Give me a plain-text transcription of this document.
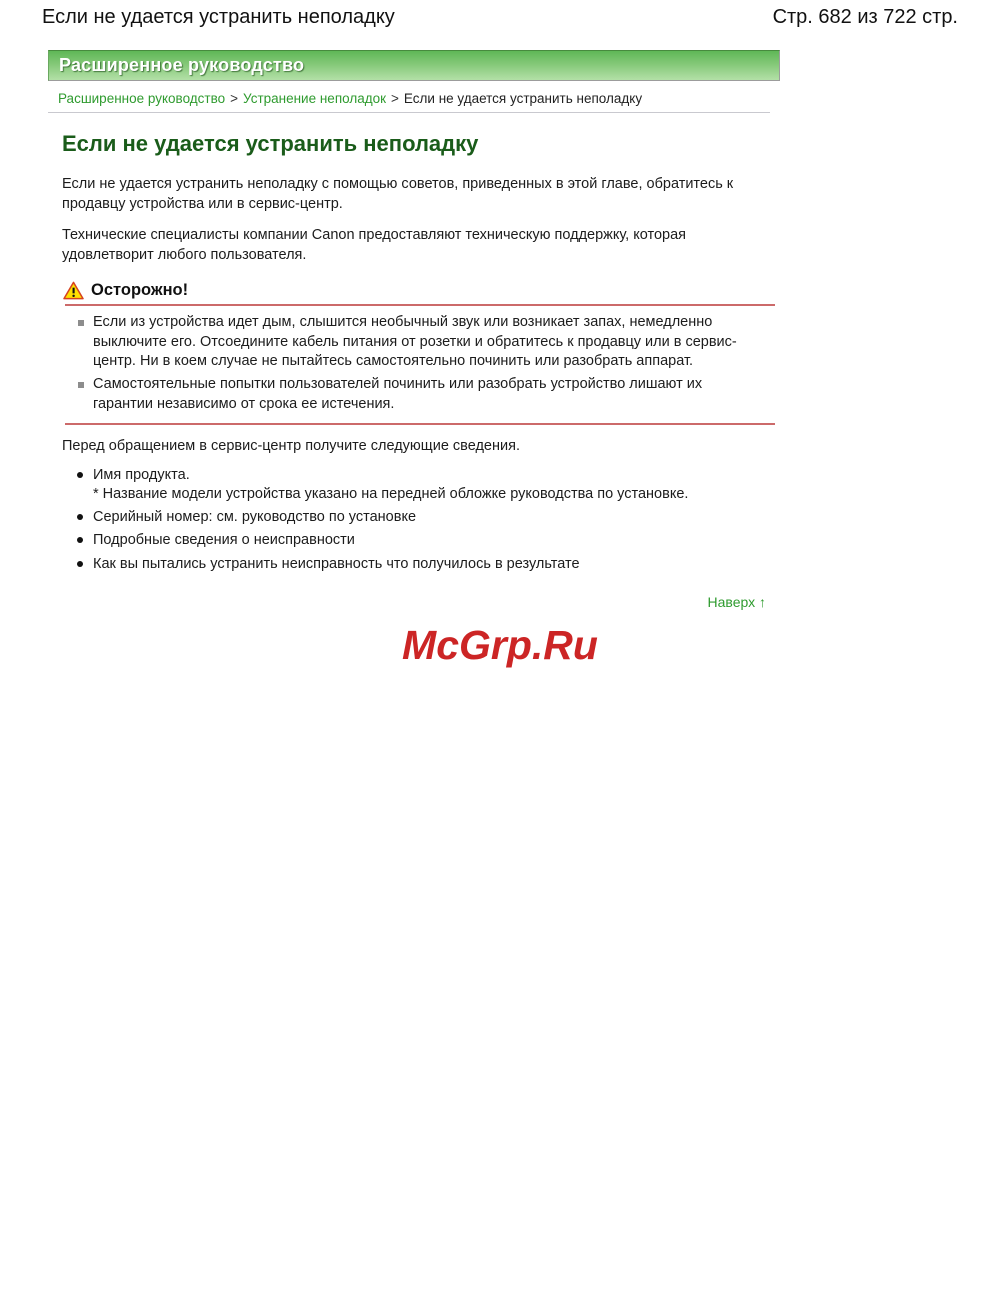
Если не удается устранить неполадку	Стр. 682 из 722 стр.
Расширенное руководство
Расширенное руководство > Устранение неполадок > Если не удается устранить неполадку
Если не удается устранить неполадку

Если не удается устранить неполадку с помощью советов, приведенных в этой главе, обратитесь к продавцу устройства или в сервис-центр.

Технические специалисты компании Canon предоставляют техническую поддержку, которая удовлетворит любого пользователя.

Осторожно!
Если из устройства идет дым, слышится необычный звук или возникает запах, немедленно выключите его. Отсоедините кабель питания от розетки и обратитесь к продавцу или в сервис-центр. Ни в коем случае не пытайтесь самостоятельно починить или разобрать аппарат.
Самостоятельные попытки пользователей починить или разобрать устройство лишают их гарантии независимо от срока ее истечения.

Перед обращением в сервис-центр получите следующие сведения.

Имя продукта.
* Название модели устройства указано на передней обложке руководства по установке.
Серийный номер: см. руководство по установке
Подробные сведения о неисправности
Как вы пытались устранить неисправность что получилось в результате
Наверх ↑
McGrp.Ru
